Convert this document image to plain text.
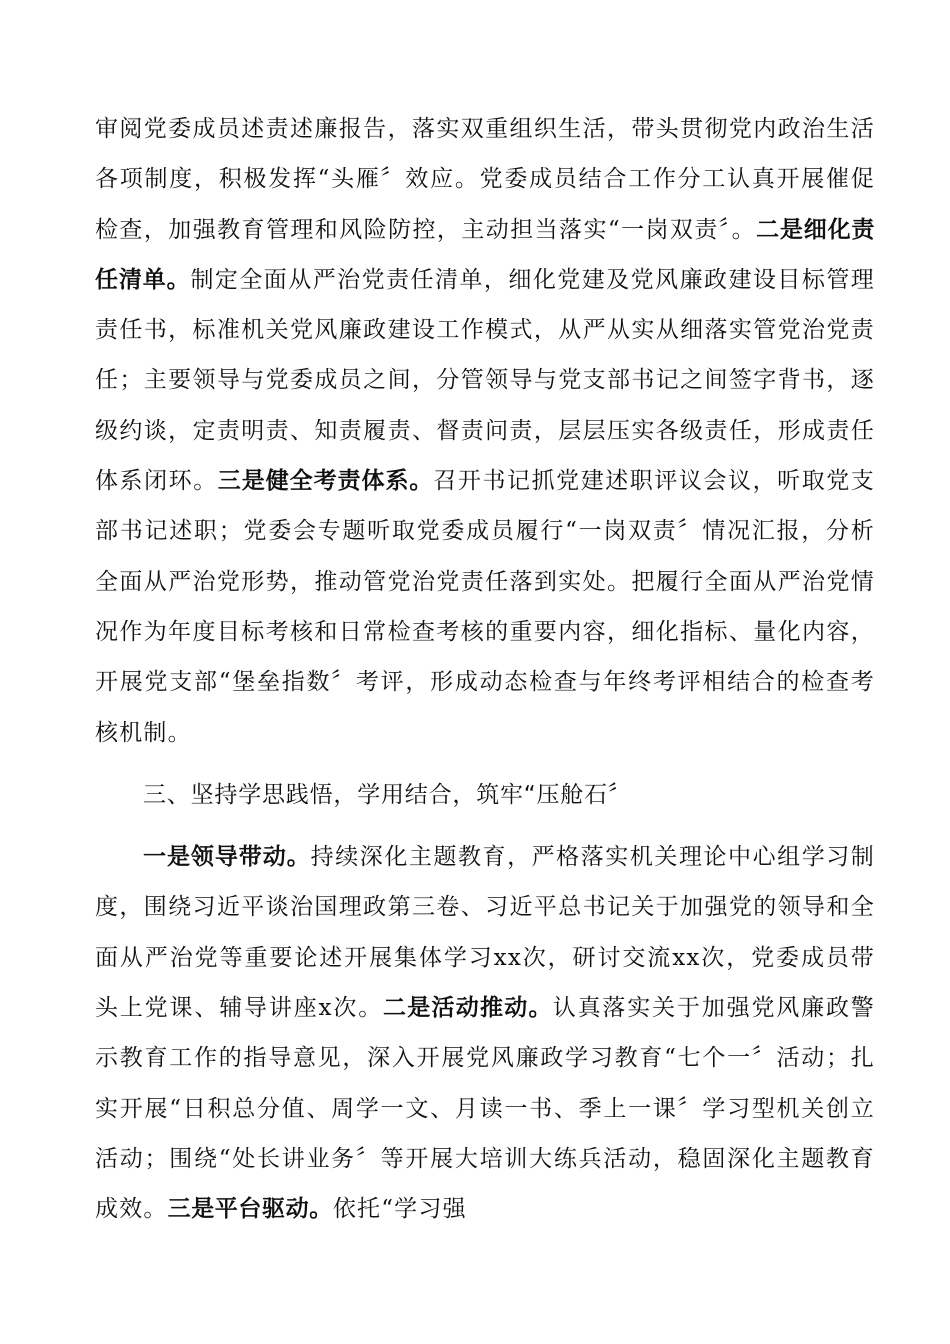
审阅党委成员述责述廉报告，落实双重组织生活，带头贯彻党内政治生活各项制度，积极发挥“头雁〞效应。党委成员结合工作分工认真开展催促检查，加强教育管理和风险防控，主动担当落实“一岗双责〞。二是细化责任清单。制定全面从严治党责任清单，细化党建及党风廉政建设目标管理责任书，标准机关党风廉政建设工作模式，从严从实从细落实管党治党责任；主要领导与党委成员之间，分管领导与党支部书记之间签字背书，逐级约谈，定责明责、知责履责、督责问责，层层压实各级责任，形成责任体系闭环。三是健全考责体系。召开书记抓党建述职评议会议，听取党支部书记述职；党委会专题听取党委成员履行“一岗双责〞情况汇报，分析全面从严治党形势，推动管党治党责任落到实处。把履行全面从严治党情况作为年度目标考核和日常检查考核的重要内容，细化指标、量化内容，开展党支部“堡垒指数〞考评，形成动态检查与年终考评相结合的检查考核机制。

三、坚持学思践悟，学用结合，筑牢“压舱石〞

一是领导带动。持续深化主题教育，严格落实机关理论中心组学习制度，围绕习近平谈治国理政第三卷、习近平总书记关于加强党的领导和全面从严治党等重要论述开展集体学习xx次，研讨交流xx次，党委成员带头上党课、辅导讲座x次。二是活动推动。认真落实关于加强党风廉政警示教育工作的指导意见，深入开展党风廉政学习教育“七个一〞活动；扎实开展“日积总分值、周学一文、月读一书、季上一课〞学习型机关创立活动；围绕“处长讲业务〞等开展大培训大练兵活动，稳固深化主题教育成效。三是平台驱动。依托“学习强
